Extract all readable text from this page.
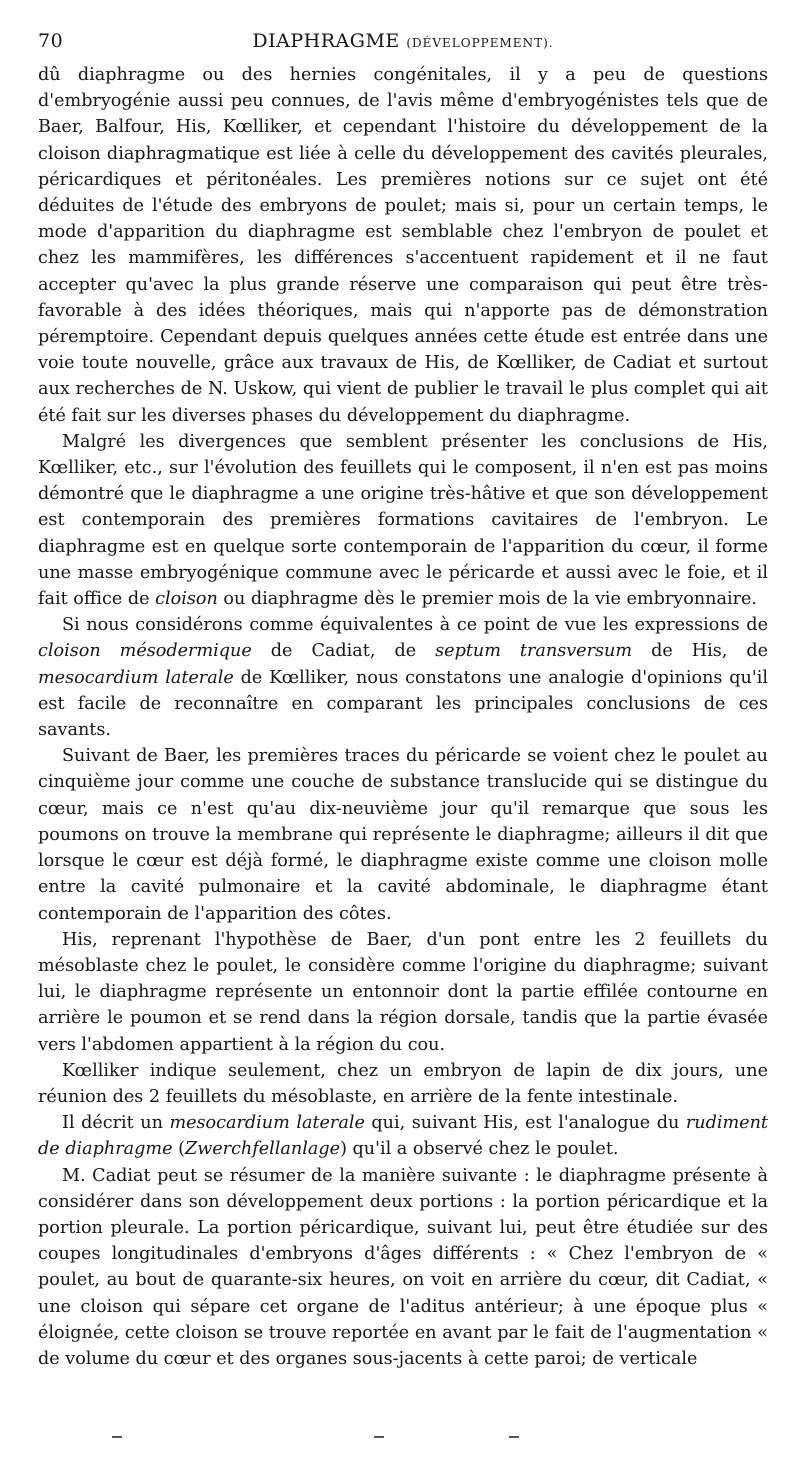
70	DIAPHRAGME (DÉVELOPPEMENT).

dû diaphragme ou des hernies congénitales, il y a peu de questions d'embryogénie aussi peu connues, de l'avis même d'embryogénistes tels que de Baer, Balfour, His, Kœlliker, et cependant l'histoire du développement de la cloison diaphragmatique est liée à celle du développement des cavités pleurales, péricardiques et péritonéales. Les premières notions sur ce sujet ont été déduites de l'étude des embryons de poulet; mais si, pour un certain temps, le mode d'apparition du diaphragme est semblable chez l'embryon de poulet et chez les mammifères, les différences s'accentuent rapidement et il ne faut accepter qu'avec la plus grande réserve une comparaison qui peut être très-favorable à des idées théoriques, mais qui n'apporte pas de démonstration péremptoire. Cependant depuis quelques années cette étude est entrée dans une voie toute nouvelle, grâce aux travaux de His, de Kœlliker, de Cadiat et surtout aux recherches de N. Uskow, qui vient de publier le travail le plus complet qui ait été fait sur les diverses phases du développement du diaphragme.

Malgré les divergences que semblent présenter les conclusions de His, Kœlliker, etc., sur l'évolution des feuillets qui le composent, il n'en est pas moins démontré que le diaphragme a une origine très-hâtive et que son développement est contemporain des premières formations cavitaires de l'embryon. Le diaphragme est en quelque sorte contemporain de l'apparition du cœur, il forme une masse embryogénique commune avec le péricarde et aussi avec le foie, et il fait office de cloison ou diaphragme dès le premier mois de la vie embryonnaire.

Si nous considérons comme équivalentes à ce point de vue les expressions de cloison mésodermique de Cadiat, de septum transversum de His, de mesocardium laterale de Kœlliker, nous constatons une analogie d'opinions qu'il est facile de reconnaître en comparant les principales conclusions de ces savants.

Suivant de Baer, les premières traces du péricarde se voient chez le poulet au cinquième jour comme une couche de substance translucide qui se distingue du cœur, mais ce n'est qu'au dix-neuvième jour qu'il remarque que sous les poumons on trouve la membrane qui représente le diaphragme; ailleurs il dit que lorsque le cœur est déjà formé, le diaphragme existe comme une cloison molle entre la cavité pulmonaire et la cavité abdominale, le diaphragme étant contemporain de l'apparition des côtes.

His, reprenant l'hypothèse de Baer, d'un pont entre les 2 feuillets du mésoblaste chez le poulet, le considère comme l'origine du diaphragme; suivant lui, le diaphragme représente un entonnoir dont la partie effilée contourne en arrière le poumon et se rend dans la région dorsale, tandis que la partie évasée vers l'abdomen appartient à la région du cou.

Kœlliker indique seulement, chez un embryon de lapin de dix jours, une réunion des 2 feuillets du mésoblaste, en arrière de la fente intestinale.

Il décrit un mesocardium laterale qui, suivant His, est l'analogue du rudiment de diaphragme (Zwerchfellanlage) qu'il a observé chez le poulet.

M. Cadiat peut se résumer de la manière suivante : le diaphragme présente à considérer dans son développement deux portions : la portion péricardique et la portion pleurale. La portion péricardique, suivant lui, peut être étudiée sur des coupes longitudinales d'embryons d'âges différents : « Chez l'embryon de « poulet, au bout de quarante-six heures, on voit en arrière du cœur, dit Cadiat, « une cloison qui sépare cet organe de l'aditus antérieur; à une époque plus « éloignée, cette cloison se trouve reportée en avant par le fait de l'augmentation « de volume du cœur et des organes sous-jacents à cette paroi; de verticale
